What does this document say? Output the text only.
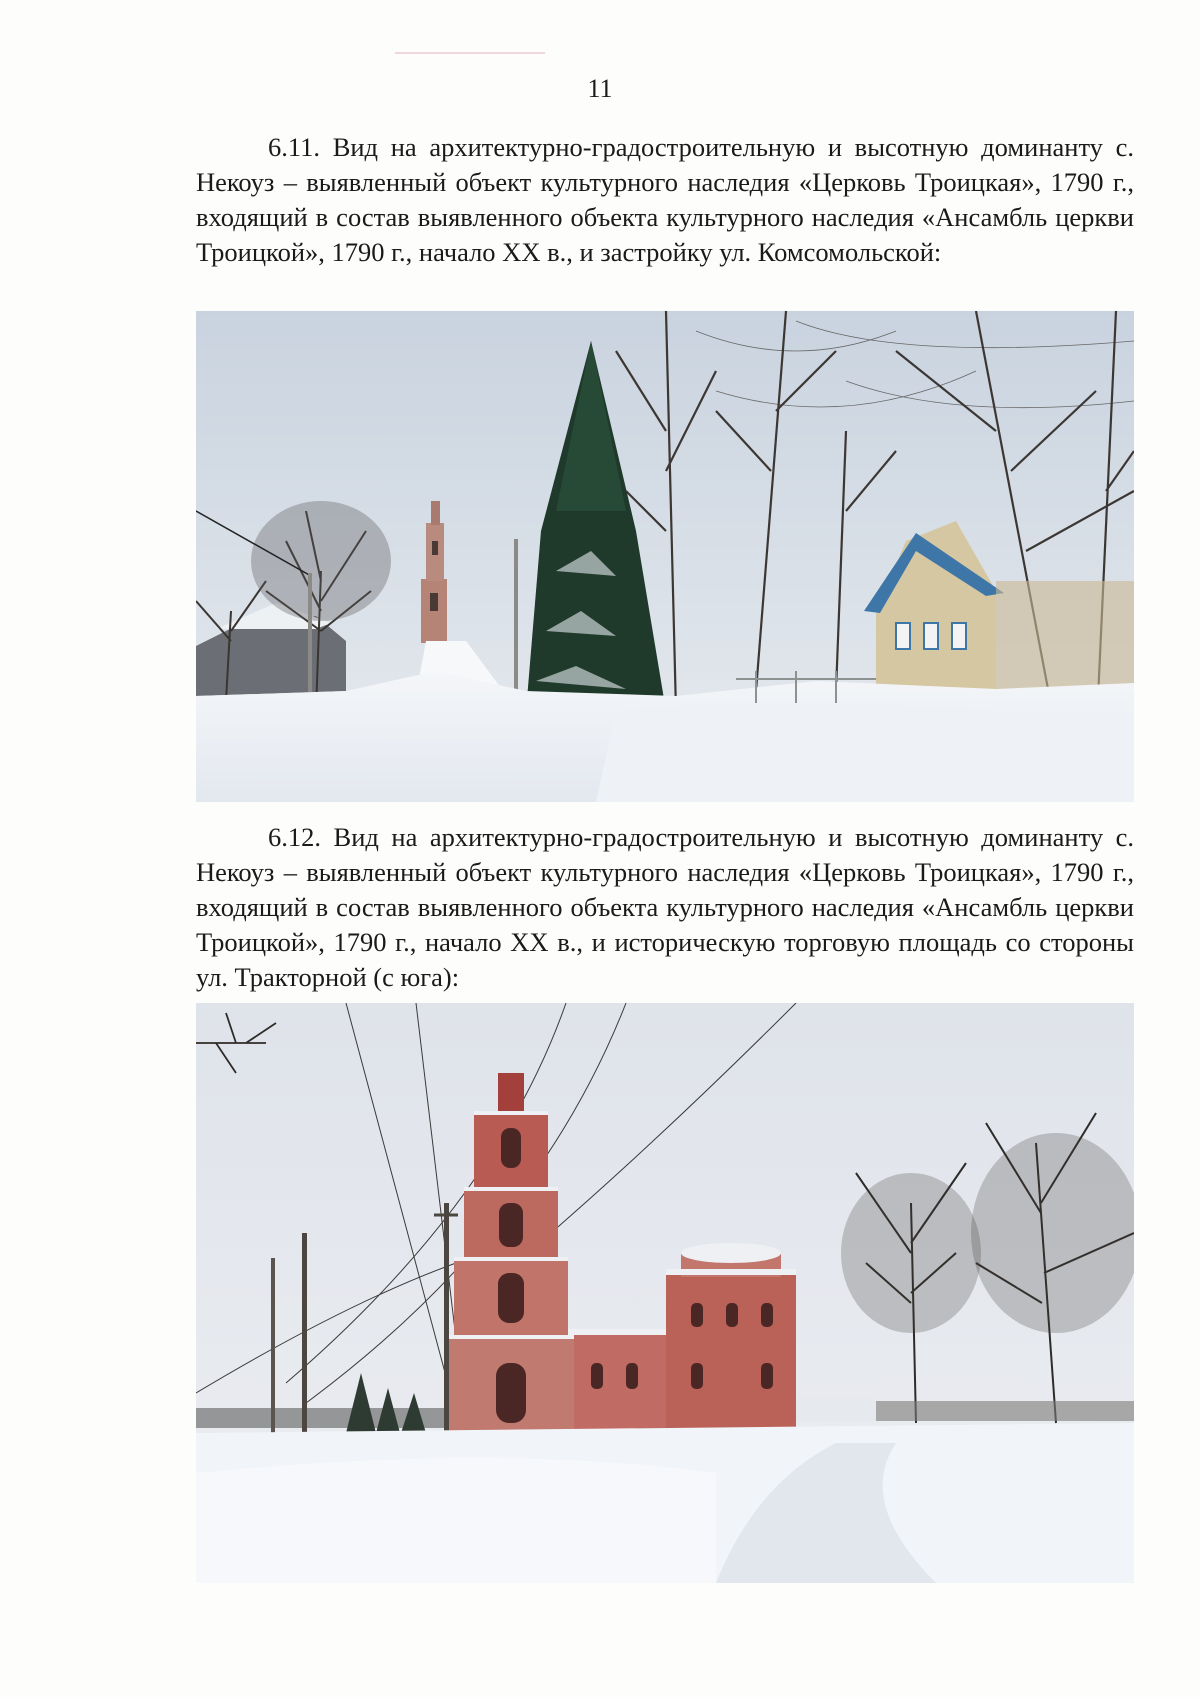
11

6.11. Вид на архитектурно-градостроительную и высотную доминанту с. Некоуз – выявленный объект культурного наследия «Церковь Троицкая», 1790 г., входящий в состав выявленного объекта культурного наследия «Ансамбль церкви Троицкой», 1790 г., начало XX в., и застройку ул. Комсомольской:

6.12. Вид на архитектурно-градостроительную и высотную доминанту с. Некоуз – выявленный объект культурного наследия «Церковь Троицкая», 1790 г., входящий в состав выявленного объекта культурного наследия «Ансамбль церкви Троицкой», 1790 г., начало XX в., и историческую торговую площадь со стороны ул. Тракторной (с юга):
